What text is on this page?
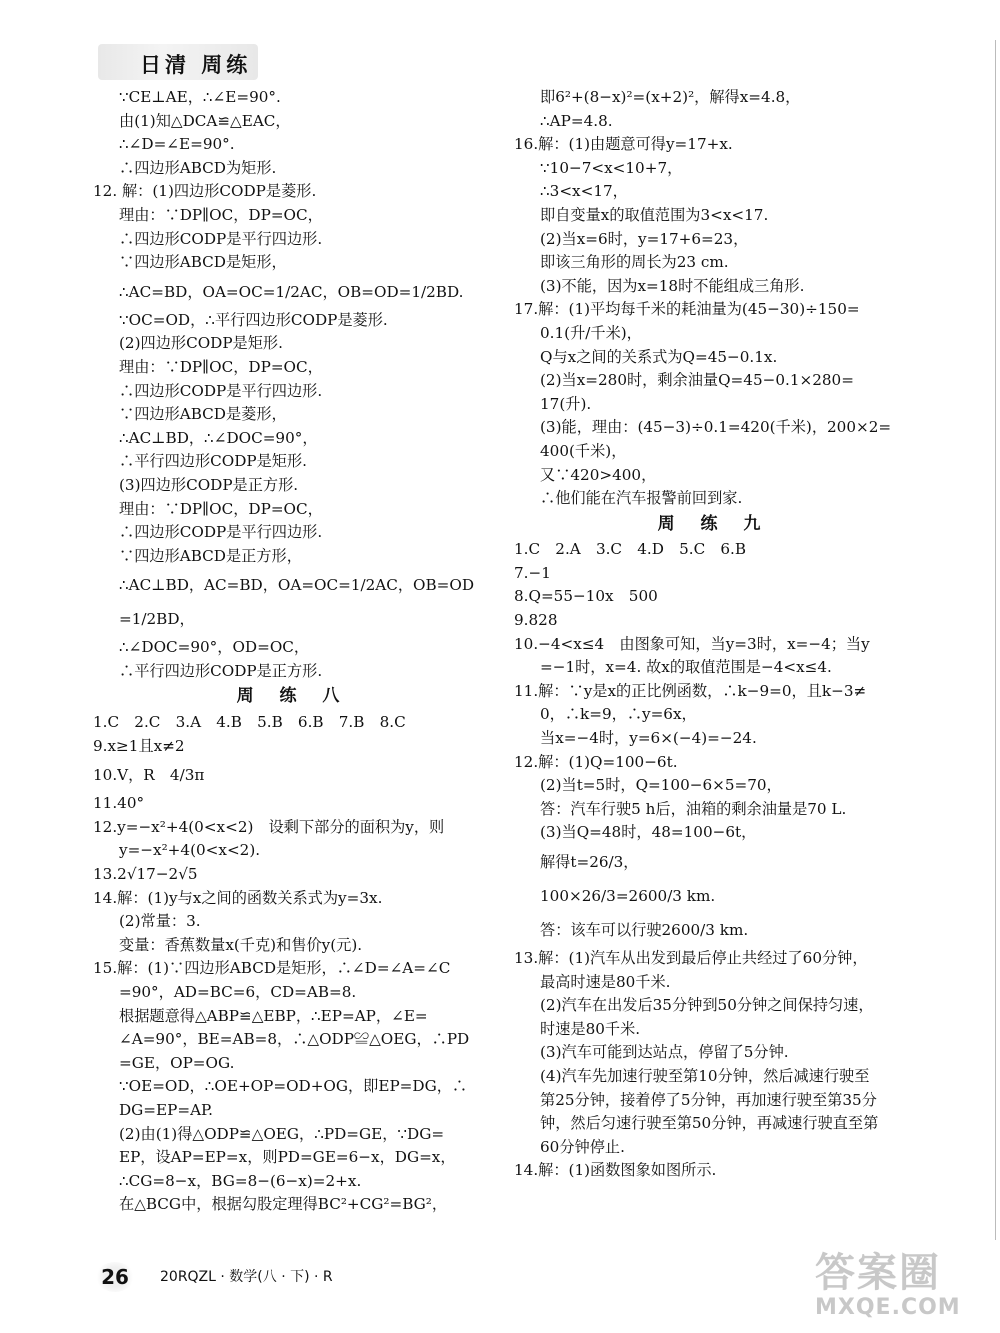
日清 周练
∵CE⊥AE，∴∠E=90°.
由(1)知△DCA≌△EAC，
∴∠D=∠E=90°.
∴四边形ABCD为矩形.
12. 解：(1)四边形CODP是菱形.
理由：∵DP∥OC，DP=OC，
∴四边形CODP是平行四边形.
∵四边形ABCD是矩形，
∴AC=BD，OA=OC=1/2AC，OB=OD=1/2BD.
∵OC=OD，∴平行四边形CODP是菱形.
(2)四边形CODP是矩形.
理由：∵DP∥OC，DP=OC，
∴四边形CODP是平行四边形.
∵四边形ABCD是菱形，
∴AC⊥BD，∴∠DOC=90°，
∴平行四边形CODP是矩形.
(3)四边形CODP是正方形.
理由：∵DP∥OC，DP=OC，
∴四边形CODP是平行四边形.
∵四边形ABCD是正方形，
∴AC⊥BD，AC=BD，OA=OC=1/2AC，OB=OD
=1/2BD，
∴∠DOC=90°，OD=OC，
∴平行四边形CODP是正方形.
周 练 八
1.C　2.C　3.A　4.B　5.B　6.B　7.B　8.C
9.x≥1且x≠2
10.V，R　4/3π
11.40°
12.y=−x²+4(0<x<2)　设剩下部分的面积为y，则
y=−x²+4(0<x<2).
13.2√17−2√5
14.解：(1)y与x之间的函数关系式为y=3x.
(2)常量：3.
变量：香蕉数量x(千克)和售价y(元).
15.解：(1)∵四边形ABCD是矩形，∴∠D=∠A=∠C
=90°，AD=BC=6，CD=AB=8.
根据题意得△ABP≌△EBP，∴EP=AP，∠E=
∠A=90°，BE=AB=8，∴△ODP≌△OEG，∴PD
=GE，OP=OG.
∵OE=OD，∴OE+OP=OD+OG，即EP=DG，∴
DG=EP=AP.
(2)由(1)得△ODP≌△OEG，∴PD=GE，∵DG=
EP，设AP=EP=x，则PD=GE=6−x，DG=x，
∴CG=8−x，BG=8−(6−x)=2+x.
在△BCG中，根据勾股定理得BC²+CG²=BG²，
即6²+(8−x)²=(x+2)²，解得x=4.8，
∴AP=4.8.
16.解：(1)由题意可得y=17+x.
∵10−7<x<10+7，
∴3<x<17，
即自变量x的取值范围为3<x<17.
(2)当x=6时，y=17+6=23，
即该三角形的周长为23 cm.
(3)不能，因为x=18时不能组成三角形.
17.解：(1)平均每千米的耗油量为(45−30)÷150=
0.1(升/千米)，
Q与x之间的关系式为Q=45−0.1x.
(2)当x=280时，剩余油量Q=45−0.1×280=
17(升).
(3)能，理由：(45−3)÷0.1=420(千米)，200×2=
400(千米)，
又∵420>400，
∴他们能在汽车报警前回到家.
周 练 九
1.C　2.A　3.C　4.D　5.C　6.B
7.−1
8.Q=55−10x　500
9.828
10.−4<x≤4　由图象可知，当y=3时，x=−4；当y
=−1时，x=4. 故x的取值范围是−4<x≤4.
11.解：∵y是x的正比例函数，∴k−9=0，且k−3≠
0，∴k=9，∴y=6x，
当x=−4时，y=6×(−4)=−24.
12.解：(1)Q=100−6t.
(2)当t=5时，Q=100−6×5=70，
答：汽车行驶5 h后，油箱的剩余油量是70 L.
(3)当Q=48时，48=100−6t，
解得t=26/3，
100×26/3=2600/3 km.
答：该车可以行驶2600/3 km.
13.解：(1)汽车从出发到最后停止共经过了60分钟，
最高时速是80千米.
(2)汽车在出发后35分钟到50分钟之间保持匀速，
时速是80千米.
(3)汽车可能到达站点，停留了5分钟.
(4)汽车先加速行驶至第10分钟，然后减速行驶至
第25分钟，接着停了5分钟，再加速行驶至第35分
钟，然后匀速行驶至第50分钟，再减速行驶直至第
60分钟停止.
14.解：(1)函数图象如图所示.
26	20RQZL · 数学(八 · 下) · R	答案圈
MXQE.COM
